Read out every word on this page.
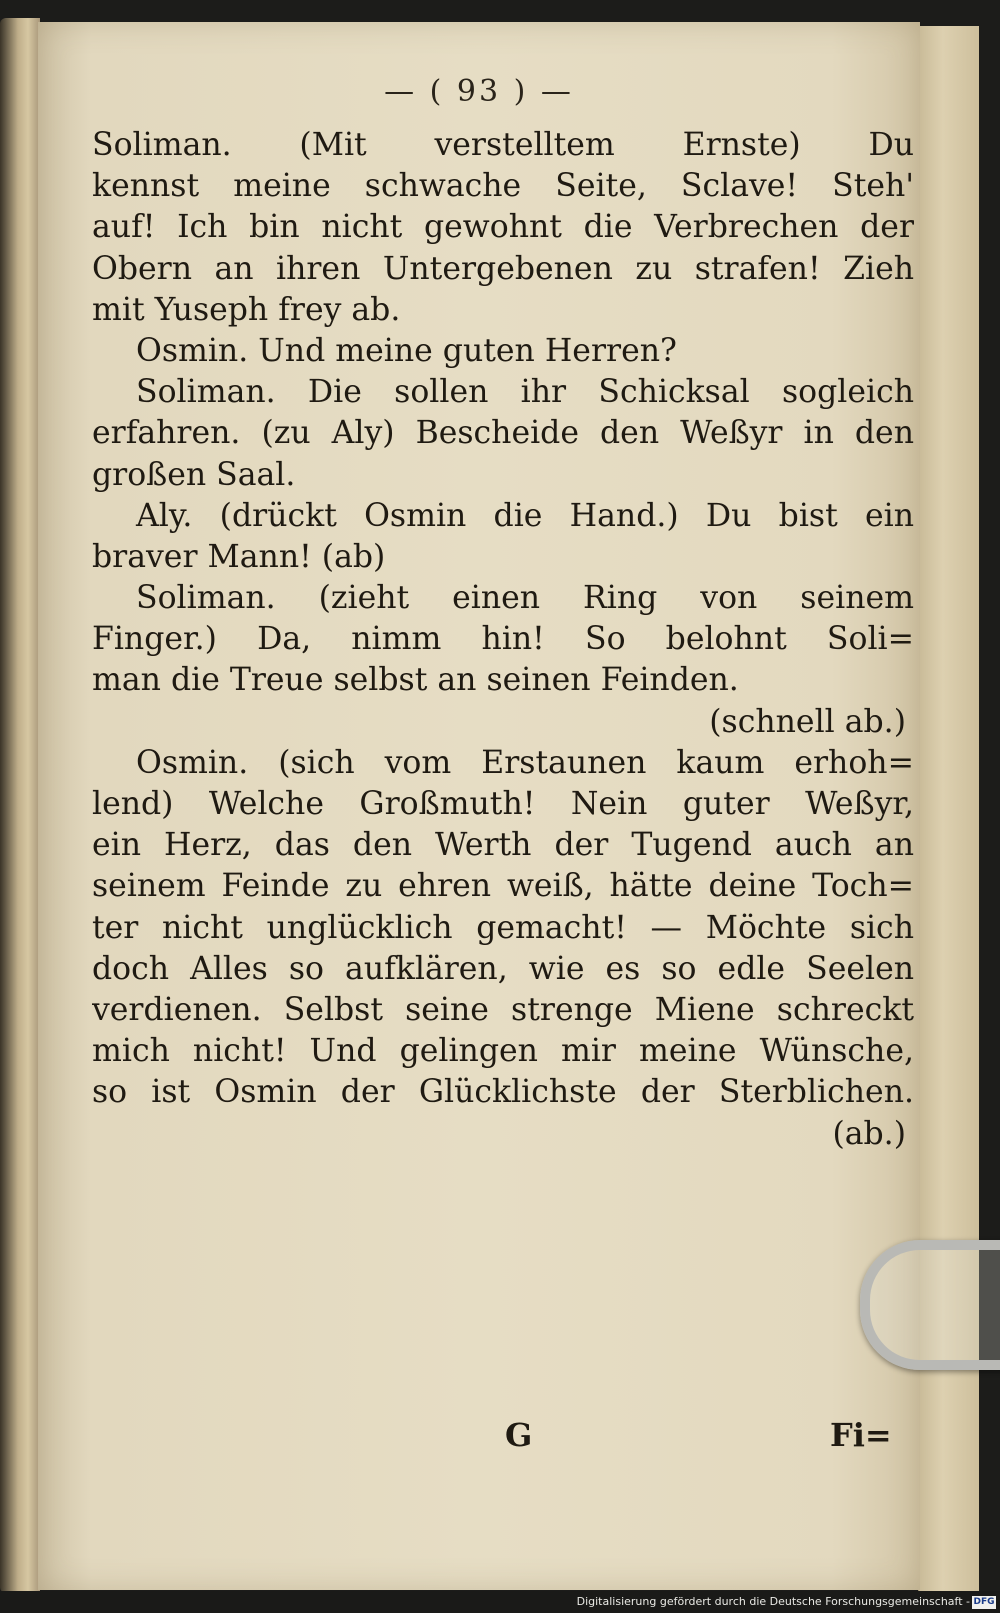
— ( 93 ) —
Soliman. (Mit verstelltem Ernste) Du
kennst meine schwache Seite, Sclave! Steh'
auf! Ich bin nicht gewohnt die Verbrechen der
Obern an ihren Untergebenen zu strafen! Zieh
mit Yuseph frey ab.
Osmin. Und meine guten Herren?
Soliman. Die sollen ihr Schicksal sogleich
erfahren. (zu Aly) Bescheide den Weßyr in den
großen Saal.
Aly. (drückt Osmin die Hand.) Du bist ein
braver Mann! (ab)
Soliman. (zieht einen Ring von seinem
Finger.) Da, nimm hin! So belohnt Soli=
man die Treue selbst an seinen Feinden.
(schnell ab.)
Osmin. (sich vom Erstaunen kaum erhoh=
lend) Welche Großmuth! Nein guter Weßyr,
ein Herz, das den Werth der Tugend auch an
seinem Feinde zu ehren weiß, hätte deine Toch=
ter nicht unglücklich gemacht! — Möchte sich
doch Alles so aufklären, wie es so edle Seelen
verdienen. Selbst seine strenge Miene schreckt
mich nicht! Und gelingen mir meine Wünsche,
so ist Osmin der Glücklichste der Sterblichen.
(ab.)
G	Fi=
Digitalisierung gefördert durch die Deutsche Forschungsgemeinschaft - DFG
